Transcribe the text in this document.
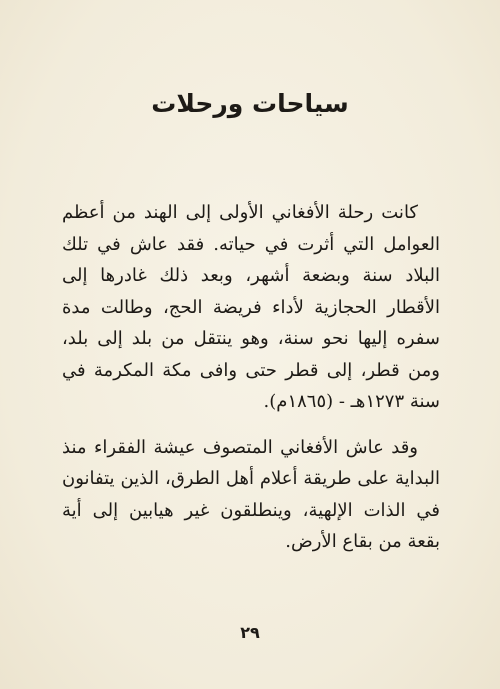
سياحات ورحلات

كانت رحلة الأفغاني الأولى إلى الهند من أعظم العوامل التي أثرت في حياته. فقد عاش في تلك البلاد سنة وبضعة أشهر، وبعد ذلك غادرها إلى الأقطار الحجازية لأداء فريضة الحج، وطالت مدة سفره إليها نحو سنة، وهو ينتقل من بلد إلى بلد، ومن قطر، إلى قطر حتى وافى مكة المكرمة في سنة ١٢٧٣هـ - (١٨٦٥م).

وقد عاش الأفغاني المتصوف عيشة الفقراء منذ البداية على طريقة أعلام أهل الطرق، الذين يتفانون في الذات الإلهية، وينطلقون غير هيابين إلى أية بقعة من بقاع الأرض.

٢٩
